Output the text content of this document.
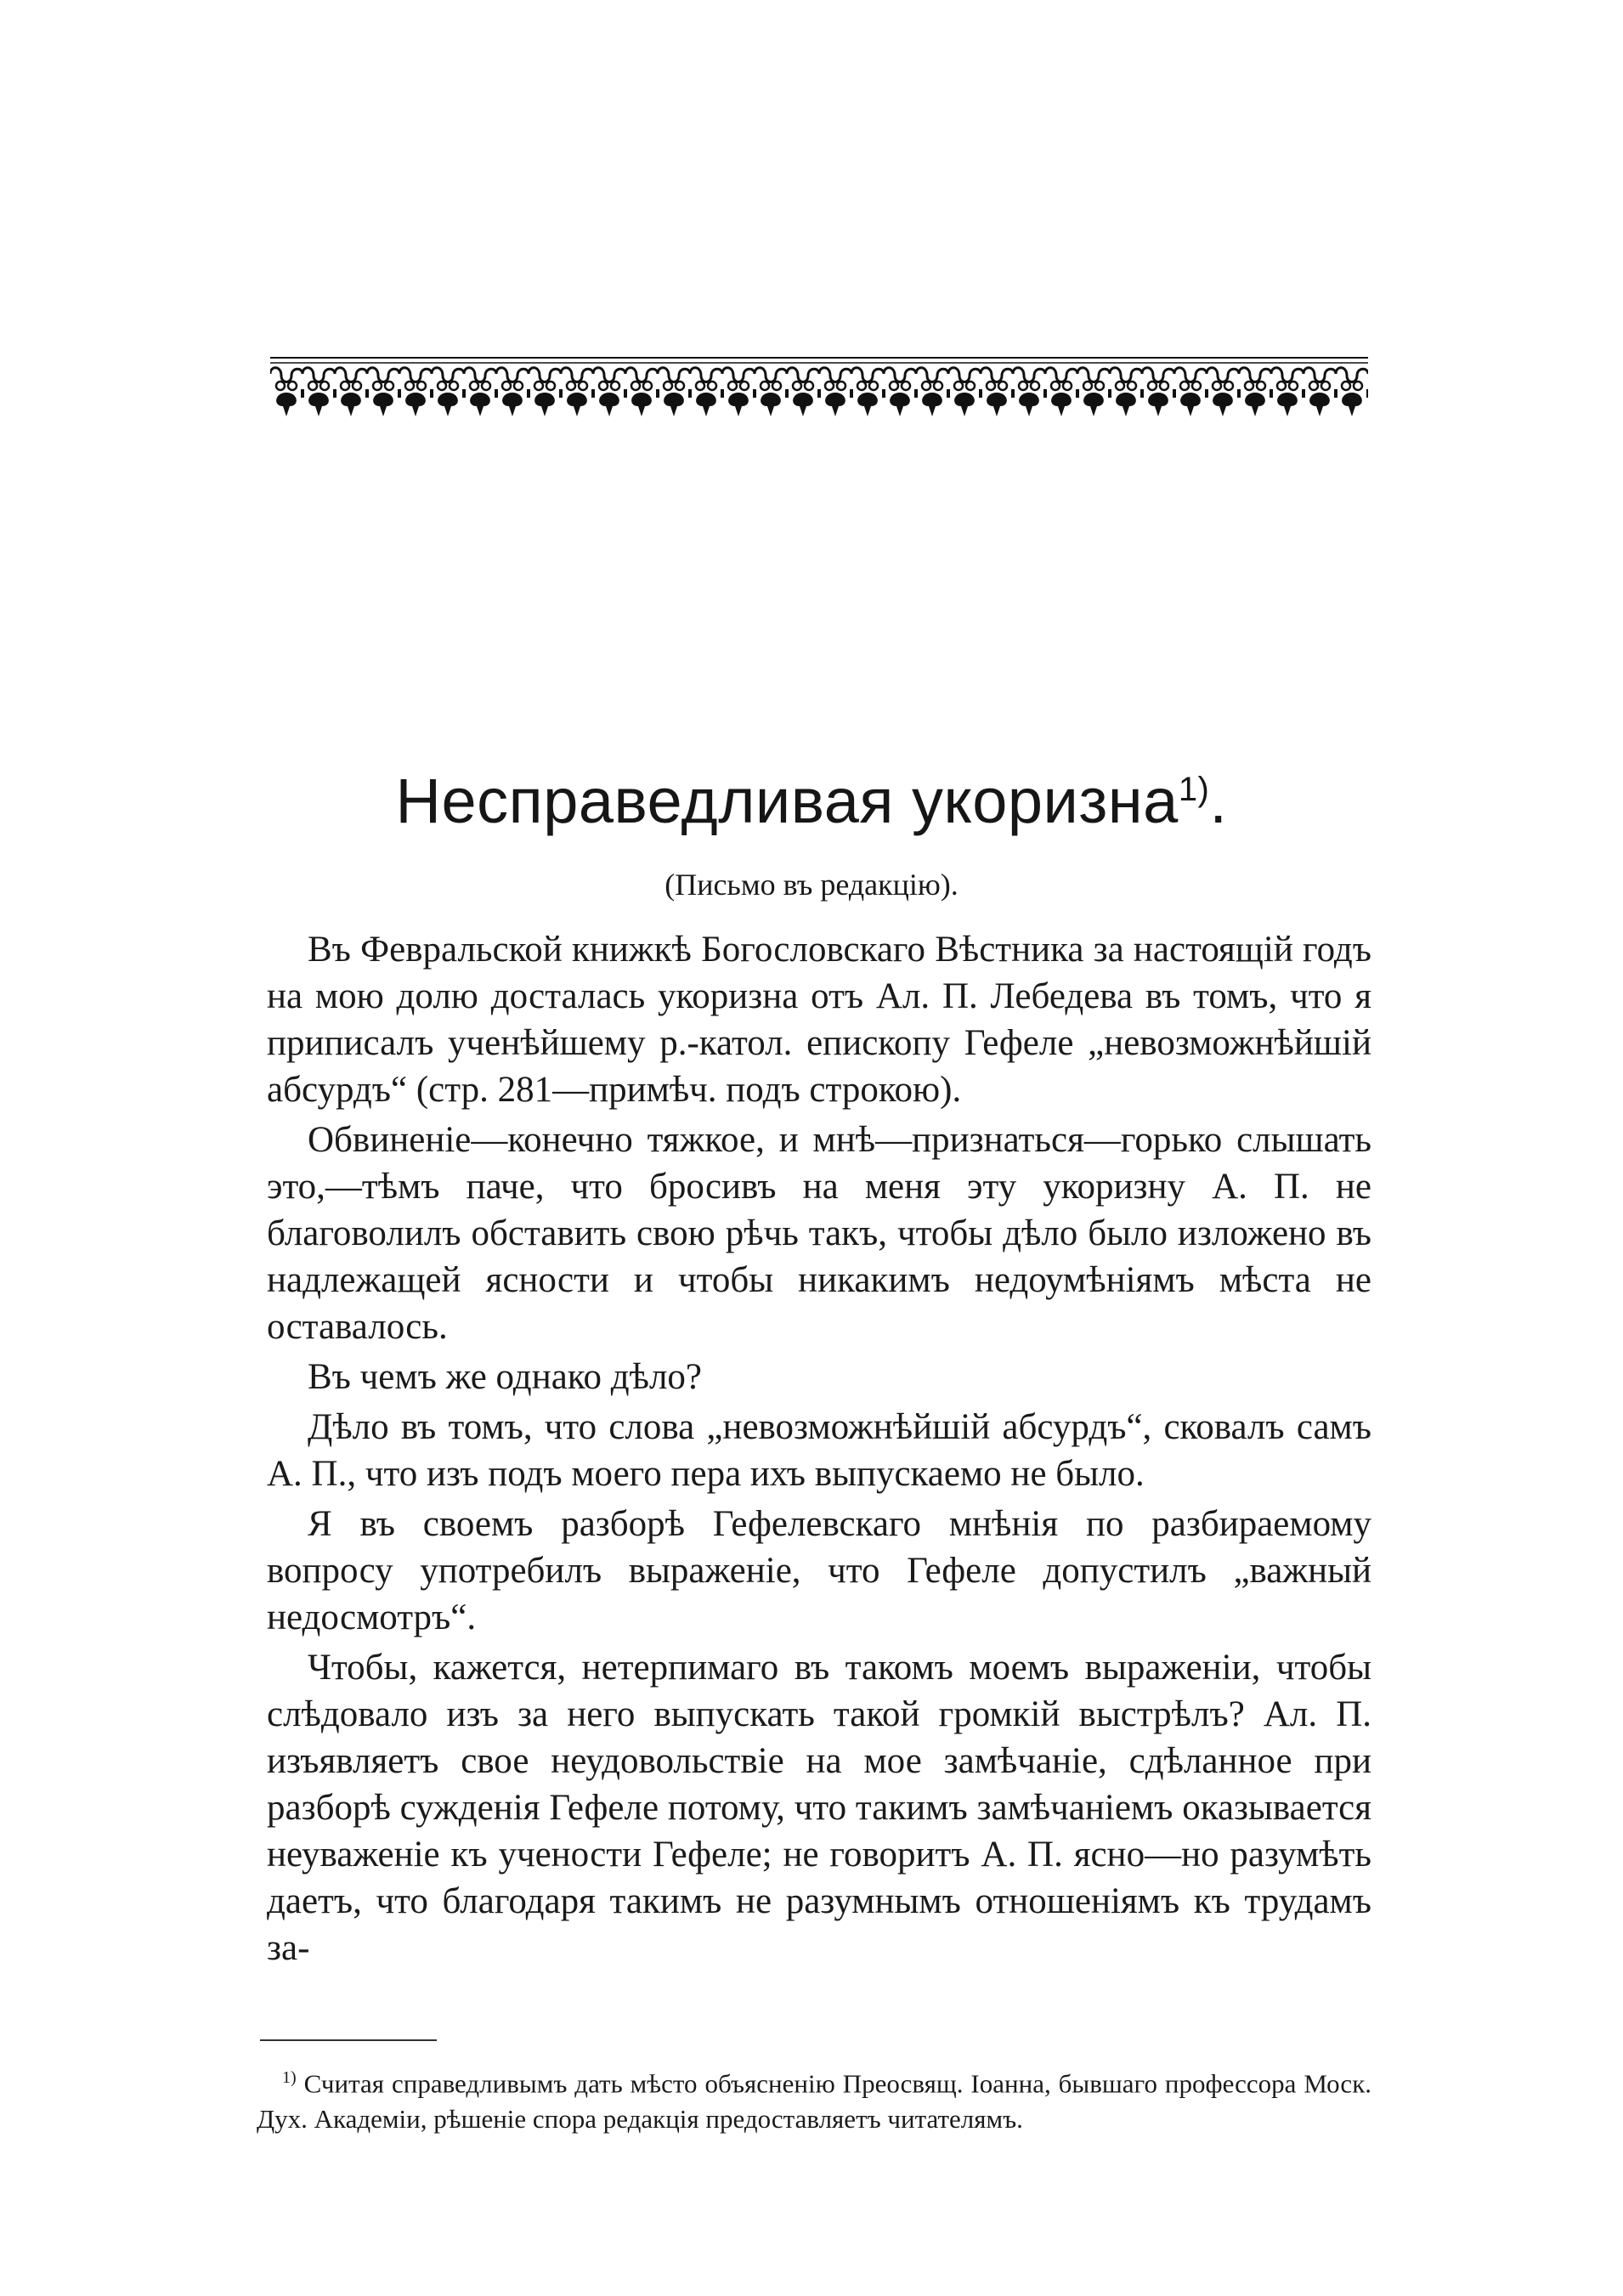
Несправедливая укоризна$^{1)}$.
(Письмо въ редакцію).

Въ Февральской книжкѣ Богословскаго Вѣстника за настоящій годъ на мою долю досталась укоризна отъ Ал. П. Лебедева въ томъ, что я приписалъ ученѣйшему р.-катол. епископу Гефеле „невозможнѣйшій абсурдъ“ (стр. 281—примѣч. подъ строкою).

Обвиненіе—конечно тяжкое, и мнѣ—признаться—горько слышать это,—тѣмъ паче, что бросивъ на меня эту укоризну А. П. не благоволилъ обставить свою рѣчь такъ, чтобы дѣло было изложено въ надлежащей ясности и чтобы никакимъ недоумѣніямъ мѣста не оставалось.

Въ чемъ же однако дѣло?

Дѣло въ томъ, что слова „невозможнѣйшій абсурдъ“, сковалъ самъ А. П., что изъ подъ моего пера ихъ выпускаемо не было.

Я въ своемъ разборѣ Гефелевскаго мнѣнія по разбираемому вопросу употребилъ выраженіе, что Гефеле допустилъ „важный недосмотръ“.

Чтобы, кажется, нетерпимаго въ такомъ моемъ выраженіи, чтобы слѣдовало изъ за него выпускать такой громкій выстрѣлъ? Ал. П. изъявляетъ свое неудовольствіе на мое замѣчаніе, сдѣланное при разборѣ сужденія Гефеле потому, что такимъ замѣчаніемъ оказывается неуваженіе къ учености Гефеле; не говоритъ А. П. ясно—но разумѣть даетъ, что благодаря такимъ не разумнымъ отношеніямъ къ трудамъ за-

$^{1)}$ Считая справедливымъ дать мѣсто объясненію Преосвящ. Іоанна, бывшаго профессора Моск. Дух. Академіи, рѣшеніе спора редакція предоставляетъ читателямъ.
